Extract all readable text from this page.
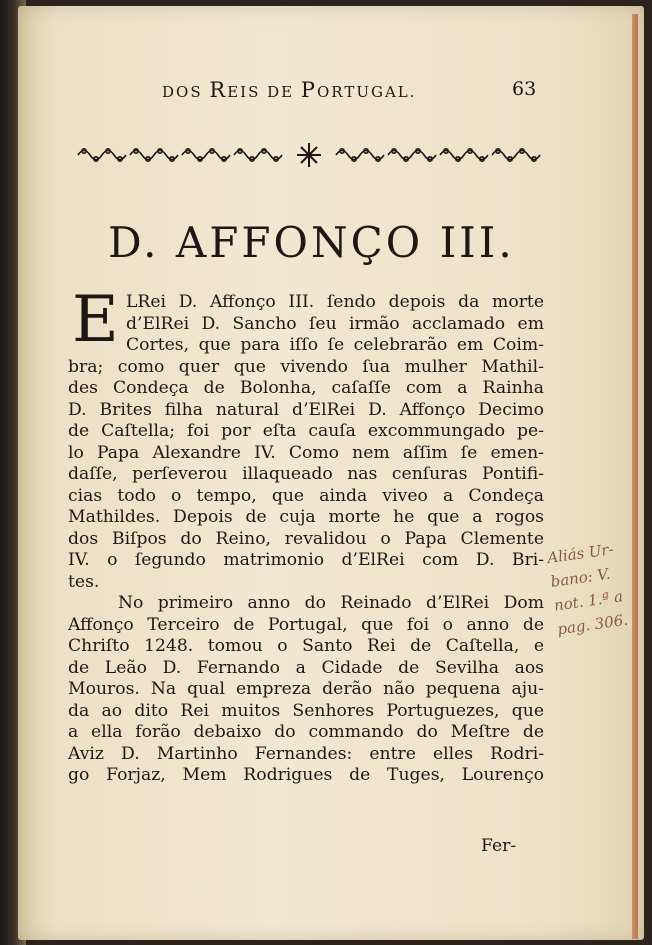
DOS REIS DE PORTUGAL.	63
D. AFFONÇO III.
E LRei D. Affonço III. ſendo depois da morte
d’ElRei D. Sancho ſeu irmão acclamado em
Cortes, que para iſſo ſe celebrarão em Coim-
bra; como quer que vivendo ſua mulher Mathil-
des Condeça de Bolonha, caſaſſe com a Rainha
D. Brites filha natural d’ElRei D. Affonço Decimo
de Caſtella; foi por eſta cauſa excommungado pe-
lo Papa Alexandre IV. Como nem aſſim ſe emen-
daſſe, perſeverou illaqueado nas cenſuras Pontifi-
cias todo o tempo, que ainda viveo a Condeça
Mathildes. Depois de cuja morte he que a rogos
dos Biſpos do Reino, revalidou o Papa Clemente
IV. o ſegundo matrimonio d’ElRei com D. Bri-
tes.
No primeiro anno do Reinado d’ElRei Dom
Affonço Terceiro de Portugal, que foi o anno de
Chriſto 1248. tomou o Santo Rei de Caſtella, e
de Leão D. Fernando a Cidade de Sevilha aos
Mouros. Na qual empreza derão não pequena aju-
da ao dito Rei muitos Senhores Portuguezes, que
a ella forão debaixo do commando do Meſtre de
Aviz D. Martinho Fernandes: entre elles Rodri-
go Forjaz, Mem Rodrigues de Tuges, Lourenço
Fer-
Aliás Ur-
bano: V.
not. 1.ª a
pag. 306.
